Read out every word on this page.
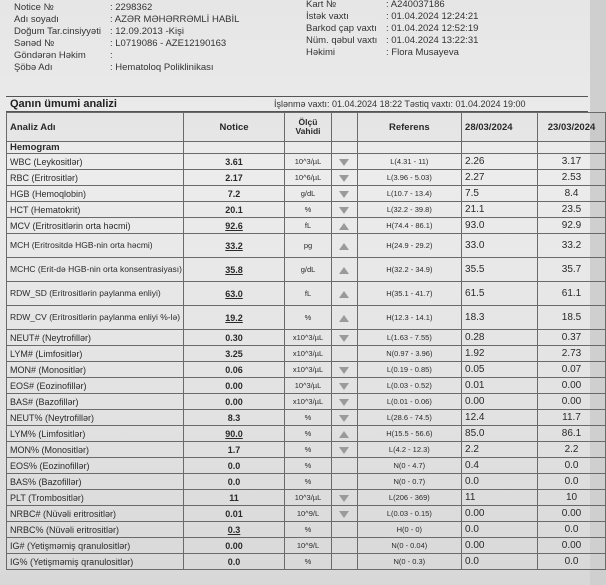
Notice №	: 2298362
Adı soyadı	: AZƏR MƏHƏRRƏMLİ HABİL
Doğum Tar.cinsiyyəti : 12.09.2013 -Kişi
Sənəd №	: L0719086 - AZE12190163
Göndərən Həkim	:
Şöbə Adı	: Hematoloq Poliklinikası
Kart №	: A240037186
İstək vaxtı	: 01.04.2024 12:24:21
Barkod çap vaxtı : 01.04.2024 12:52:19
Nüm. qəbul vaxtı : 01.04.2024 13:22:31
Həkimi	: Flora Musayeva
Qanın ümumi analizi	İşlənmə vaxtı: 01.04.2024 18:22 Təstiq vaxtı: 01.04.2024 19:00
Analiz Adı	Notice	Ölçü Vahidi		Referens	28/03/2024	23/03/2024
Hemogram						
WBC (Leykositlər)	3.61	10^3/µL		L(4.31 - 11)	2.26	3.17
RBC (Eritrositlər)	2.17	10^6/µL		L(3.96 - 5.03)	2.27	2.53
HGB (Hemoqlobin)	7.2	g/dL		L(10.7 - 13.4)	7.5	8.4
HCT (Hematokrit)	20.1	%		L(32.2 - 39.8)	21.1	23.5
MCV (Eritrositlərin orta həcmi)	92.6	fL		H(74.4 - 86.1)	93.0	92.9
MCH (Eritrositdə HGB-nin orta həcmi)	33.2	pg		H(24.9 - 29.2)	33.0	33.2
MCHC (Erit-də HGB-nin orta konsentrasiyası)	35.8	g/dL		H(32.2 - 34.9)	35.5	35.7
RDW_SD (Eritrositlərin paylanma enliyi)	63.0	fL		H(35.1 - 41.7)	61.5	61.1
RDW_CV (Eritrositlərin paylanma enliyi %-lə)	19.2	%		H(12.3 - 14.1)	18.3	18.5
NEUT# (Neytrofillər)	0.30	x10^3/µL		L(1.63 - 7.55)	0.28	0.37
LYM# (Limfositlər)	3.25	x10^3/µL		N(0.97 - 3.96)	1.92	2.73
MON# (Monositlər)	0.06	x10^3/µL		L(0.19 - 0.85)	0.05	0.07
EOS# (Eozinofillər)	0.00	10^3/µL		L(0.03 - 0.52)	0.01	0.00
BAS# (Bazofillər)	0.00	x10^3/µL		L(0.01 - 0.06)	0.00	0.00
NEUT% (Neytrofillər)	8.3	%		L(28.6 - 74.5)	12.4	11.7
LYM% (Limfositlər)	90.0	%		H(15.5 - 56.6)	85.0	86.1
MON% (Monositlər)	1.7	%		L(4.2 - 12.3)	2.2	2.2
EOS% (Eozinofillər)	0.0	%		N(0 - 4.7)	0.4	0.0
BAS% (Bazofillər)	0.0	%		N(0 - 0.7)	0.0	0.0
PLT (Trombositlər)	11	10^3/µL		L(206 - 369)	11	10
NRBC# (Nüvəli eritrositlər)	0.01	10^9/L		L(0.03 - 0.15)	0.00	0.00
NRBC% (Nüvəli eritrositlər)	0.3	%		H(0 - 0)	0.0	0.0
IG# (Yetişməmiş qranulositlər)	0.00	10^9/L		N(0 - 0.04)	0.00	0.00
IG% (Yetişməmiş qranulositlər)	0.0	%		N(0 - 0.3)	0.0	0.0
